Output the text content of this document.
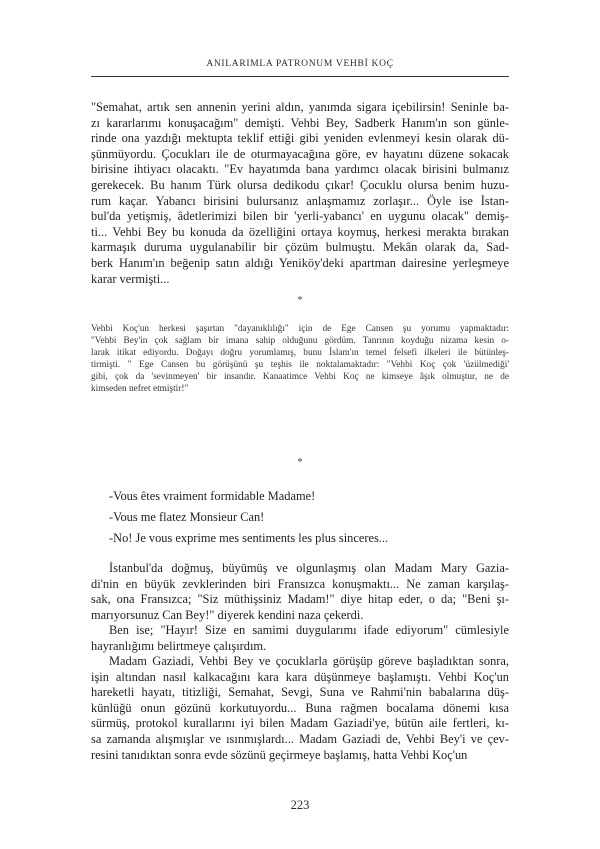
ANILARIMLA PATRONUM VEHBİ KOÇ
"Semahat, artık sen annenin yerini aldın, yanımda sigara içebilirsin! Seninle ba-
zı kararlarımı konuşacağım" demişti. Vehbi Bey, Sadberk Hanım'ın son günle-
rinde ona yazdığı mektupta teklif ettiği gibi yeniden evlenmeyi kesin olarak dü-
şünmüyordu. Çocukları ile de oturmayacağına göre, ev hayatını düzene sokacak
birisine ihtiyacı olacaktı. "Ev hayatımda bana yardımcı olacak birisini bulmanız
gerekecek. Bu hanım Türk olursa dedikodu çıkar! Çocuklu olursa benim huzu-
rum kaçar. Yabancı birisini bulursanız anlaşmamız zorlaşır... Öyle ise İstan-
bul'da yetişmiş, âdetlerimizi bilen bir 'yerli-yabancı' en uygunu olacak" demiş-
ti... Vehbi Bey bu konuda da özelliğini ortaya koymuş, herkesi merakta bırakan
karmaşık duruma uygulanabilir bir çözüm bulmuştu. Mekân olarak da, Sad-
berk Hanım'ın beğenip satın aldığı Yeniköy'deki apartman dairesine yerleşmeye
karar vermişti...
*
Vehbi Koç'un herkesi şaşırtan "dayanıklılığı" için de Ege Cansen şu yorumu yapmaktadır:
"Vehbi Bey'in çok sağlam bir imana sahip olduğunu gördüm. Tanrının koyduğu nizama kesin o-
larak itikat ediyordu. Doğayı doğru yorumlamış, bunu İslam'ın temel felsefi ilkeleri ile bütünleş-
tirmişti. " Ege Cansen bu görüşünü şu teşhis ile noktalamaktadır: "Vehbi Koç çok 'üzülmediği'
gibi, çok da 'sevinmeyen' bir insandır. Kanaatimce Vehbi Koç ne kimseye âşık olmuştur, ne de
kimseden nefret etmiştir!"
*
-Vous êtes vraiment formidable Madame!
-Vous me flatez Monsieur Can!
-No! Je vous exprime mes sentiments les plus sinceres...
İstanbul'da doğmuş, büyümüş ve olgunlaşmış olan Madam Mary Gazia-
di'nin en büyük zevklerinden biri Fransızca konuşmaktı... Ne zaman karşılaş-
sak, ona Fransızca; "Siz müthişsiniz Madam!" diye hitap eder, o da; "Beni şı-
marıyorsunuz Can Bey!" diyerek kendini naza çekerdi.
Ben ise; "Hayır! Size en samimi duygularımı ifade ediyorum" cümlesiyle
hayranlığımı belirtmeye çalışırdım.
Madam Gaziadi, Vehbi Bey ve çocuklarla görüşüp göreve başladıktan sonra,
işin altından nasıl kalkacağını kara kara düşünmeye başlamıştı. Vehbi Koç'un
hareketli hayatı, titizliği, Semahat, Sevgi, Suna ve Rahmi'nin babalarına düş-
künlüğü onun gözünü korkutuyordu... Buna rağmen bocalama dönemi kısa
sürmüş, protokol kurallarını iyi bilen Madam Gaziadi'ye, bütün aile fertleri, kı-
sa zamanda alışmışlar ve ısınmışlardı... Madam Gaziadi de, Vehbi Bey'i ve çev-
resini tanıdıktan sonra evde sözünü geçirmeye başlamış, hatta Vehbi Koç'un
223
